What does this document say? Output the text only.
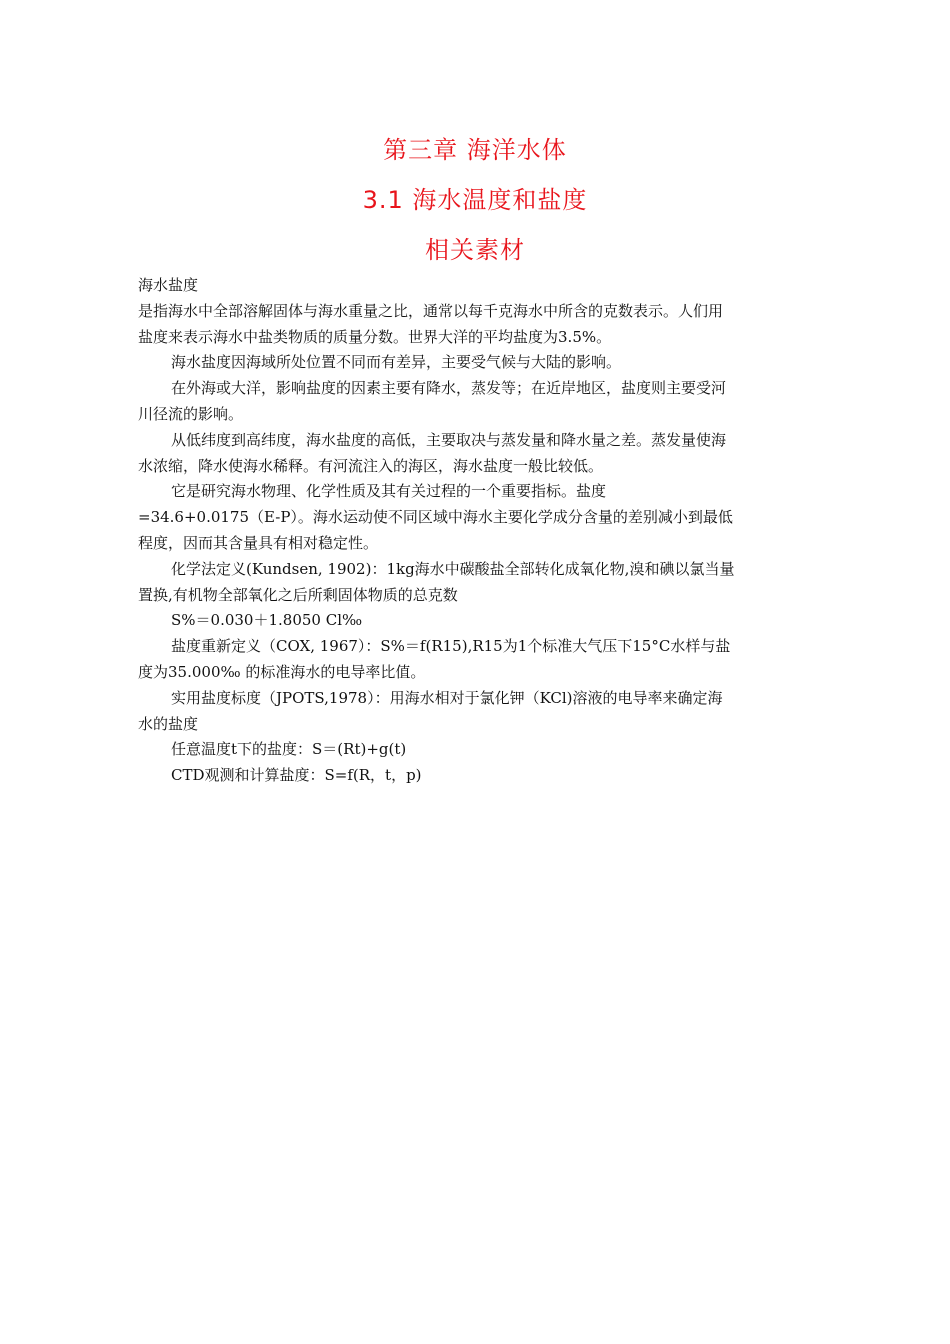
第三章 海洋水体
3.1 海水温度和盐度
相关素材

海水盐度

是指海水中全部溶解固体与海水重量之比，通常以每千克海水中所含的克数表示。人们用

盐度来表示海水中盐类物质的质量分数。世界大洋的平均盐度为3.5%。

海水盐度因海域所处位置不同而有差异，主要受气候与大陆的影响。

在外海或大洋，影响盐度的因素主要有降水，蒸发等；在近岸地区，盐度则主要受河

川径流的影响。

从低纬度到高纬度，海水盐度的高低，主要取决与蒸发量和降水量之差。蒸发量使海

水浓缩，降水使海水稀释。有河流注入的海区，海水盐度一般比较低。

它是研究海水物理、化学性质及其有关过程的一个重要指标。盐度

=34.6+0.0175（E-P）。海水运动使不同区域中海水主要化学成分含量的差别减小到最低

程度，因而其含量具有相对稳定性。

化学法定义(Kundsen, 1902)：1kg海水中碳酸盐全部转化成氧化物,溴和碘以氯当量

置换,有机物全部氧化之后所剩固体物质的总克数

S%＝0.030＋1.8050 Cl‰

盐度重新定义（COX, 1967）：S%＝f(R15),R15为1个标准大气压下15°C水样与盐

度为35.000‰ 的标准海水的电导率比值。

实用盐度标度（JPOTS,1978）：用海水相对于氯化钾（KCl)溶液的电导率来确定海

水的盐度

任意温度t下的盐度：S＝(Rt)+g(t)

CTD观测和计算盐度：S=f(R，t，p)
